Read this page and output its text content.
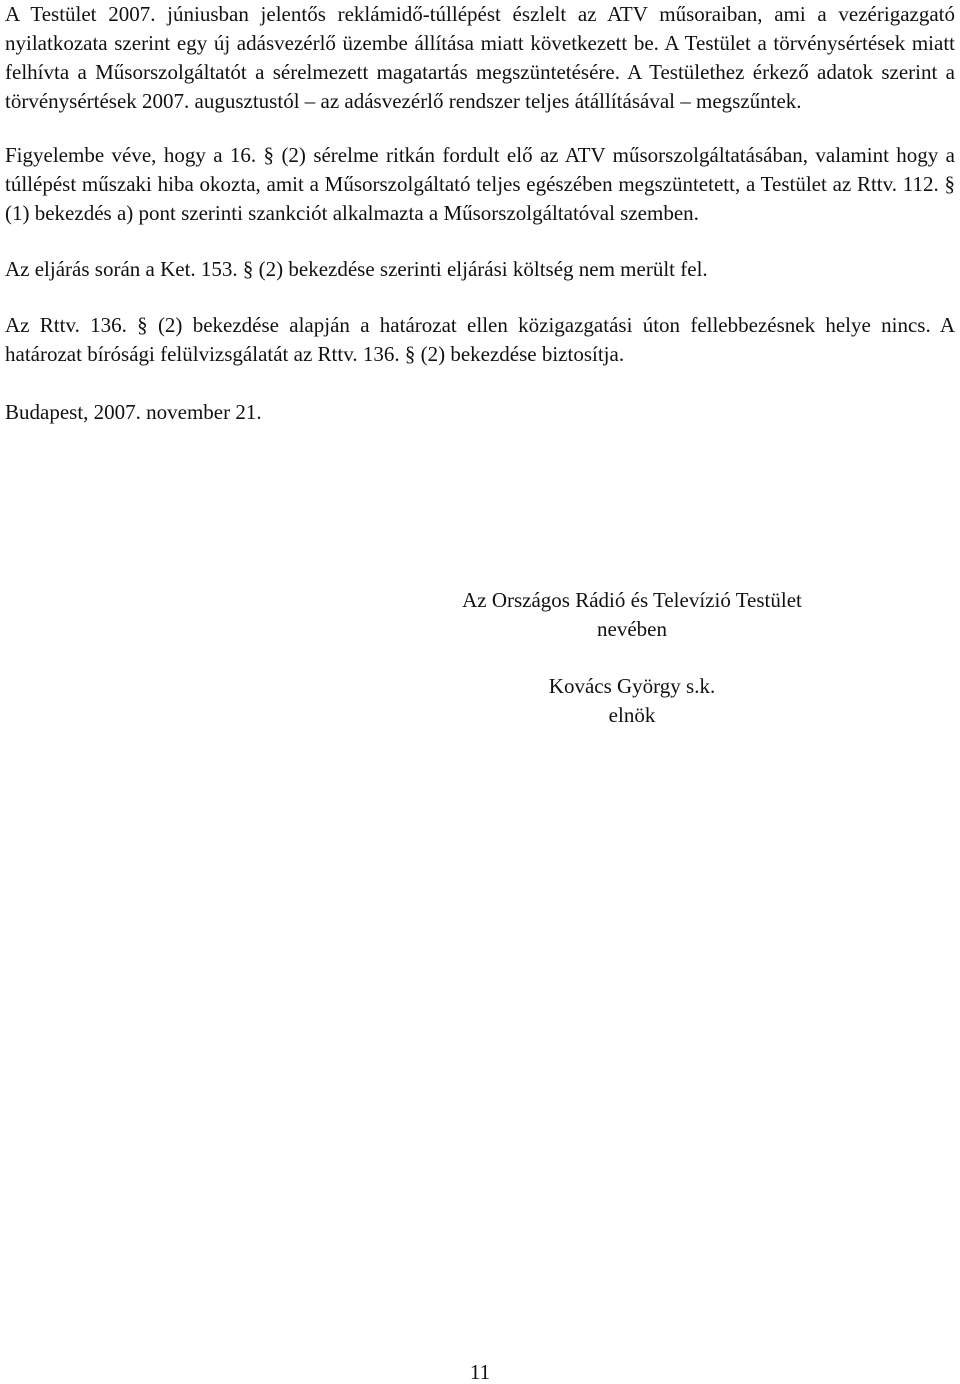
A Testület 2007. júniusban jelentős reklámidő-túllépést észlelt az ATV műsoraiban, ami a vezérigazgató nyilatkozata szerint egy új adásvezérlő üzembe állítása miatt következett be. A Testület a törvénysértések miatt felhívta a Műsorszolgáltatót a sérelmezett magatartás megszüntetésére. A Testülethez érkező adatok szerint a törvénysértések 2007. augusztustól – az adásvezérlő rendszer teljes átállításával – megszűntek.

Figyelembe véve, hogy a 16. § (2) sérelme ritkán fordult elő az ATV műsorszolgáltatásában, valamint hogy a túllépést műszaki hiba okozta, amit a Műsorszolgáltató teljes egészében megszüntetett, a Testület az Rttv. 112. § (1) bekezdés a) pont szerinti szankciót alkalmazta a Műsorszolgáltatóval szemben.

Az eljárás során a Ket. 153. § (2) bekezdése szerinti eljárási költség nem merült fel.

Az Rttv. 136. § (2) bekezdése alapján a határozat ellen közigazgatási úton fellebbezésnek helye nincs. A határozat bírósági felülvizsgálatát az Rttv. 136. § (2) bekezdése biztosítja.

Budapest, 2007. november 21.

Az Országos Rádió és Televízió Testület
nevében
Kovács György s.k.
elnök
11
